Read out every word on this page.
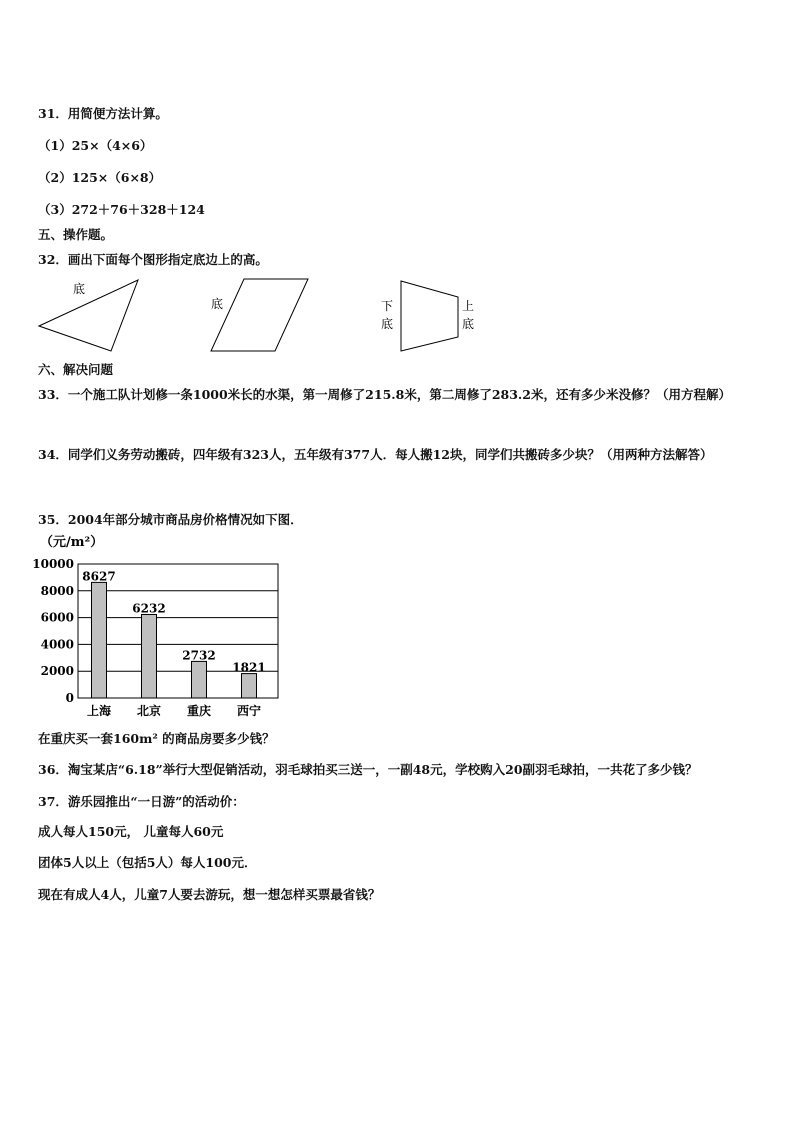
31．用简便方法计算。
（1）25×（4×6）
（2）125×（6×8）
（3）272＋76＋328＋124
五、操作题。
32．画出下面每个图形指定底边上的高。
底
底	下
底
上
底
六、解决问题
33．一个施工队计划修一条1000米长的水渠，第一周修了215.8米，第二周修了283.2米，还有多少米没修？（用方程解）
34．同学们义务劳动搬砖，四年级有323人，五年级有377人．每人搬12块，同学们共搬砖多少块？（用两种方法解答）
35．2004年部分城市商品房价格情况如下图．
（元/m²）
10000
8000
6000
4000
2000
0
上海 北京 重庆 西宁
8627
6232
2732
1821
在重庆买一套160m² 的商品房要多少钱？
36．淘宝某店“6.18”举行大型促销活动，羽毛球拍买三送一，一副48元，学校购入20副羽毛球拍，一共花了多少钱？
37．游乐园推出“一日游”的活动价：
成人每人150元， 儿童每人60元
团体5人以上（包括5人）每人100元．
现在有成人4人，儿童7人要去游玩，想一想怎样买票最省钱？
